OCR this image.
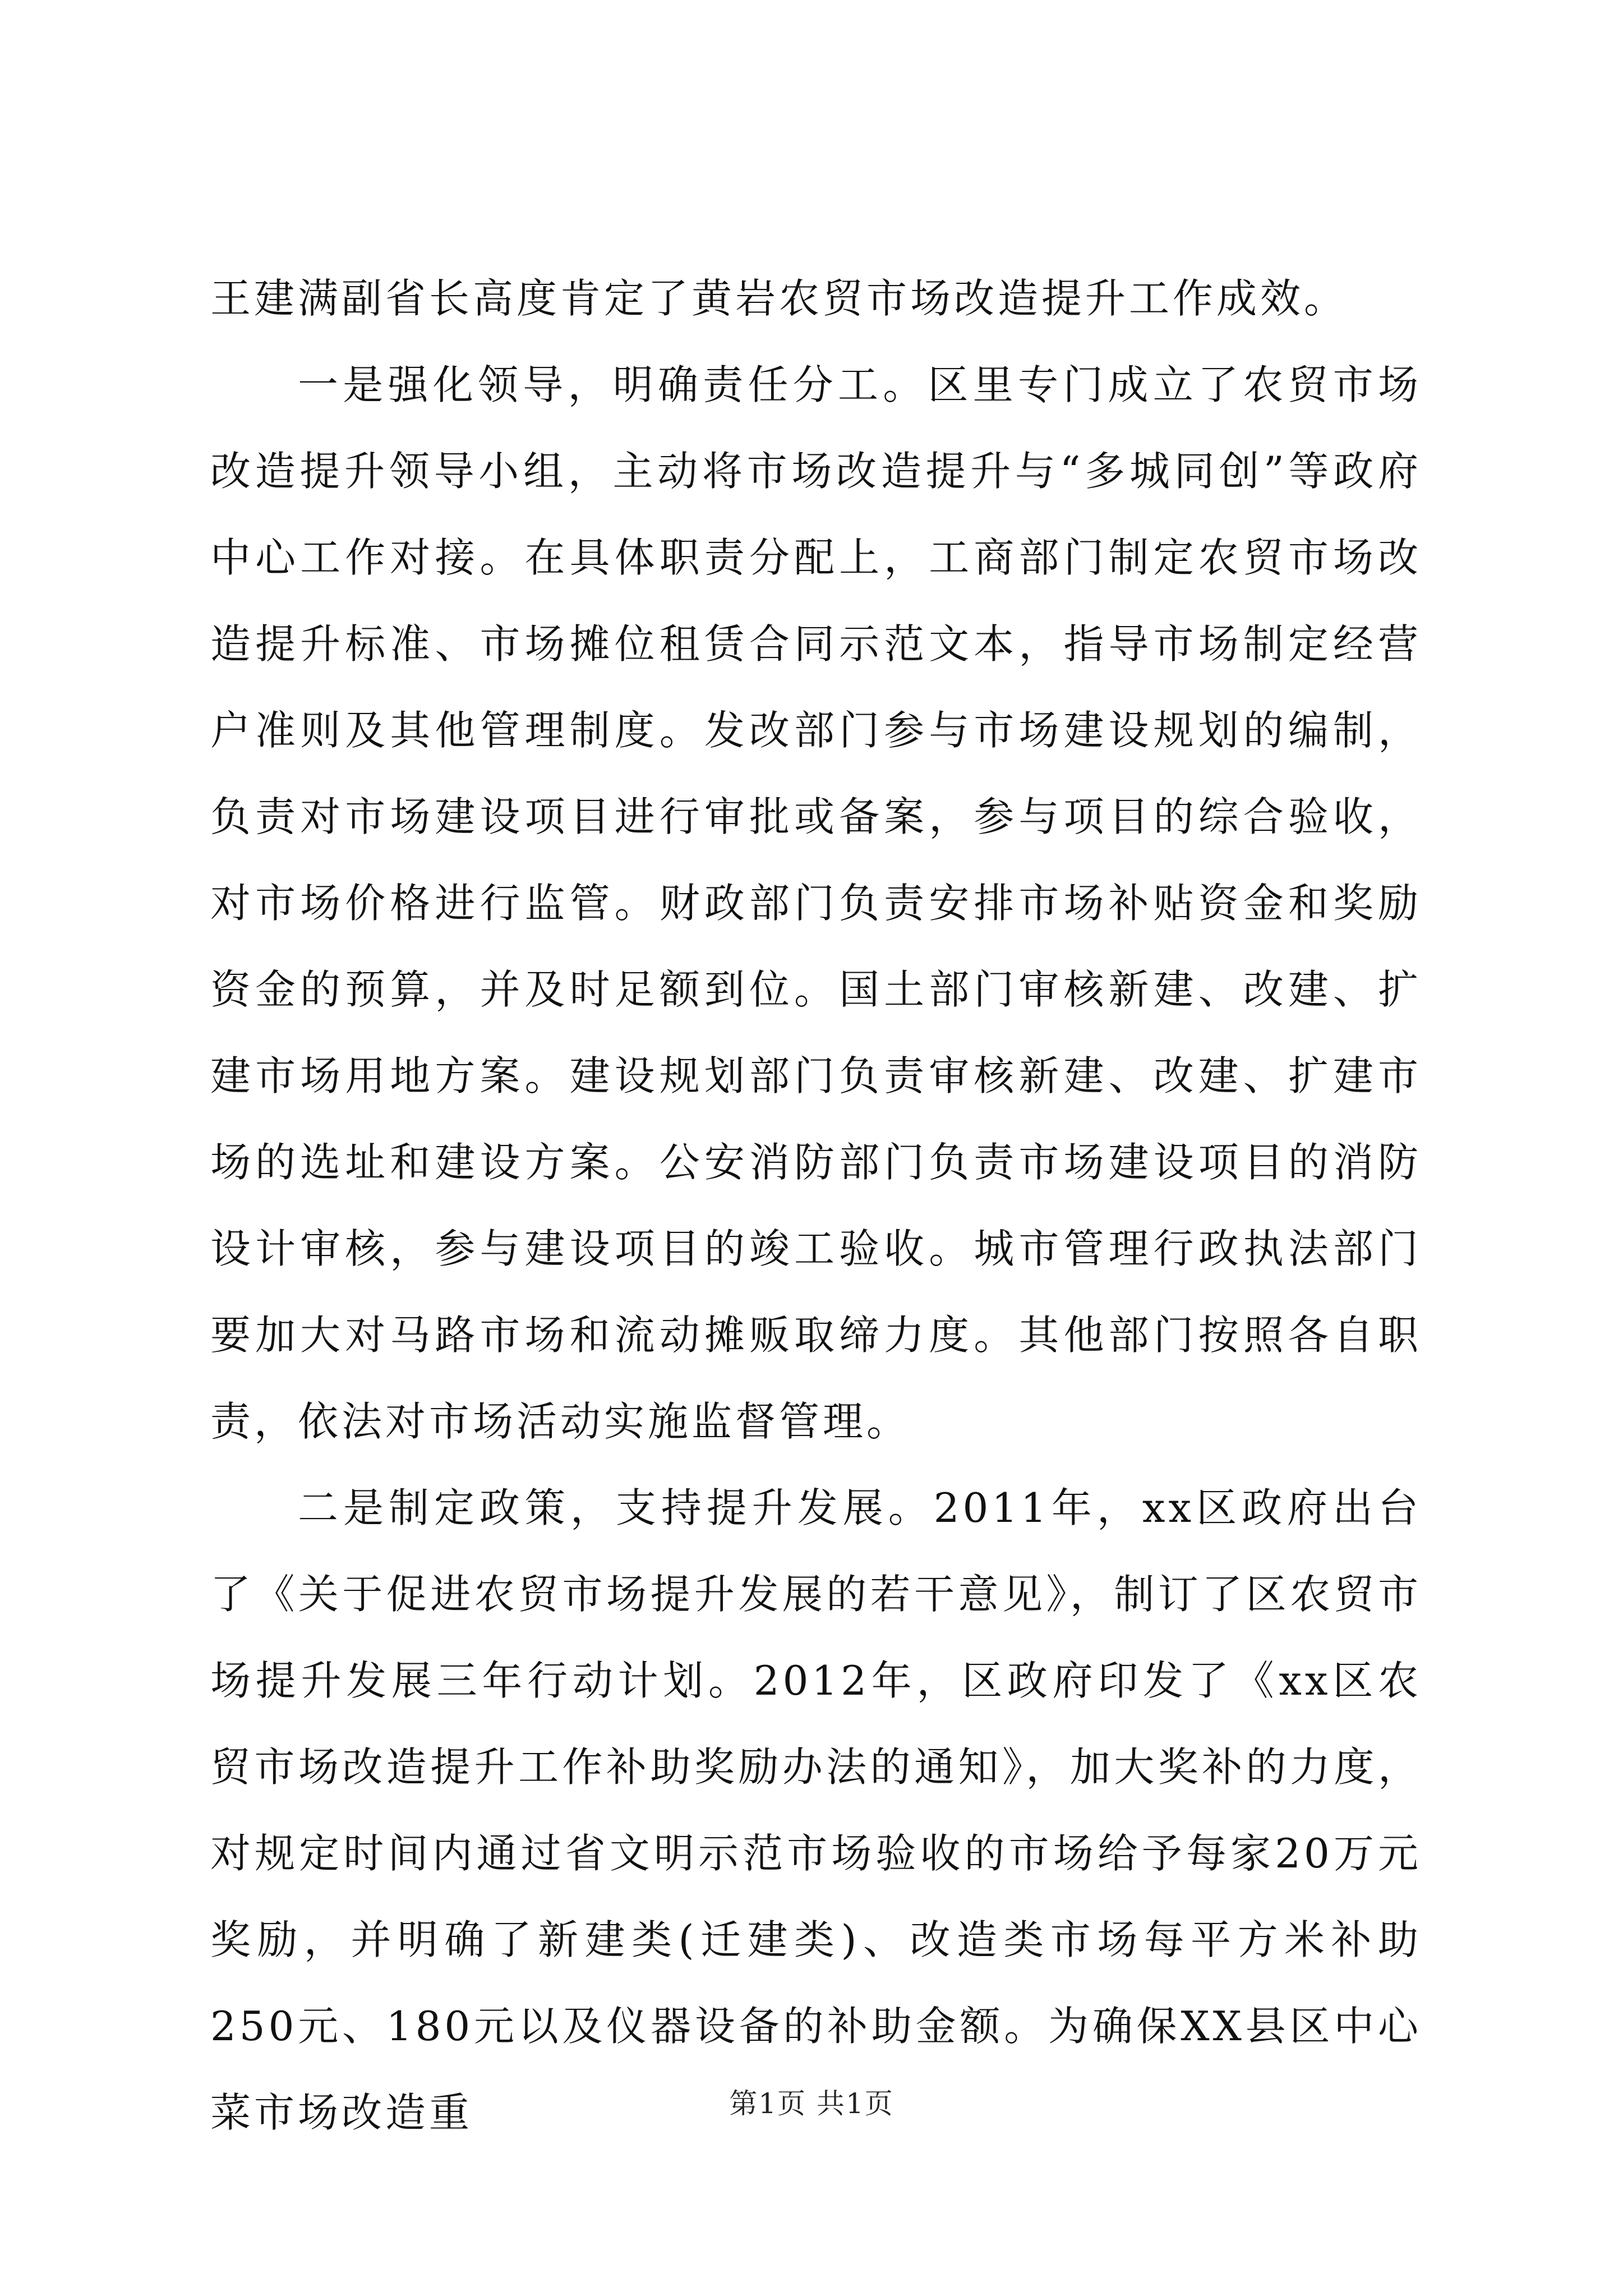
王建满副省长高度肯定了黄岩农贸市场改造提升工作成效。

一是强化领导，明确责任分工。区里专门成立了农贸市场改造提升领导小组，主动将市场改造提升与“多城同创”等政府中心工作对接。在具体职责分配上，工商部门制定农贸市场改造提升标准、市场摊位租赁合同示范文本，指导市场制定经营户准则及其他管理制度。发改部门参与市场建设规划的编制，负责对市场建设项目进行审批或备案，参与项目的综合验收，对市场价格进行监管。财政部门负责安排市场补贴资金和奖励资金的预算，并及时足额到位。国土部门审核新建、改建、扩建市场用地方案。建设规划部门负责审核新建、改建、扩建市场的选址和建设方案。公安消防部门负责市场建设项目的消防设计审核，参与建设项目的竣工验收。城市管理行政执法部门要加大对马路市场和流动摊贩取缔力度。其他部门按照各自职责，依法对市场活动实施监督管理。

二是制定政策，支持提升发展。2011年，xx区政府出台了《关于促进农贸市场提升发展的若干意见》，制订了区农贸市场提升发展三年行动计划。2012年，区政府印发了《xx区农贸市场改造提升工作补助奖励办法的通知》，加大奖补的力度，对规定时间内通过省文明示范市场验收的市场给予每家20万元奖励，并明确了新建类(迁建类)、改造类市场每平方米补助250元、180元以及仪器设备的补助金额。为确保XX县区中心菜市场改造重	第1页 共1页
